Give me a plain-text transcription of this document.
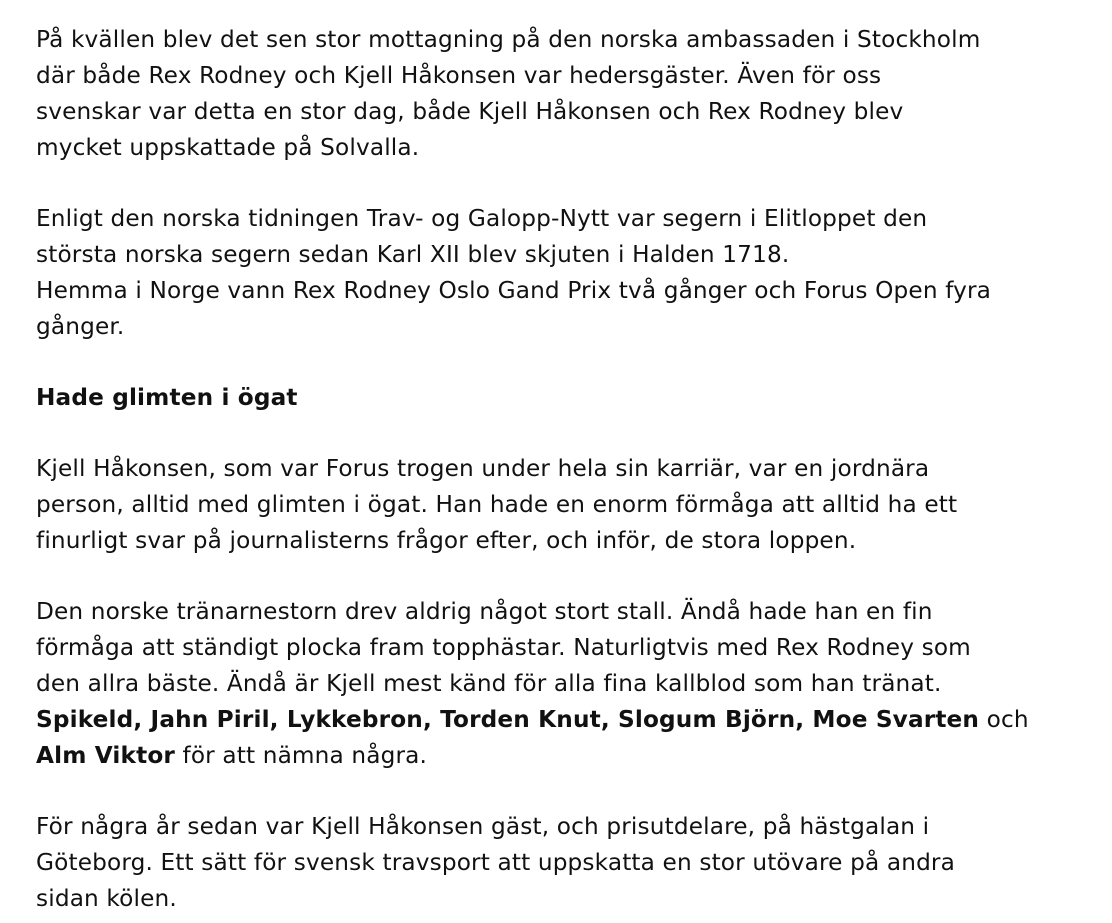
På kvällen blev det sen stor mottagning på den norska ambassaden i Stockholm
där både Rex Rodney och Kjell Håkonsen var hedersgäster. Även för oss
svenskar var detta en stor dag, både Kjell Håkonsen och Rex Rodney blev
mycket uppskattade på Solvalla.
Enligt den norska tidningen Trav- og Galopp-Nytt var segern i Elitloppet den
största norska segern sedan Karl XII blev skjuten i Halden 1718.
Hemma i Norge vann Rex Rodney Oslo Gand Prix två gånger och Forus Open fyra
gånger.
Hade glimten i ögat
Kjell Håkonsen, som var Forus trogen under hela sin karriär, var en jordnära
person, alltid med glimten i ögat. Han hade en enorm förmåga att alltid ha ett
finurligt svar på journalisterns frågor efter, och inför, de stora loppen.
Den norske tränarnestorn drev aldrig något stort stall. Ändå hade han en fin
förmåga att ständigt plocka fram topphästar. Naturligtvis med Rex Rodney som
den allra bäste. Ändå är Kjell mest känd för alla fina kallblod som han tränat.
Spikeld, Jahn Piril, Lykkebron, Torden Knut, Slogum Björn, Moe Svarten och
Alm Viktor för att nämna några.
För några år sedan var Kjell Håkonsen gäst, och prisutdelare, på hästgalan i
Göteborg. Ett sätt för svensk travsport att uppskatta en stor utövare på andra
sidan kölen.
